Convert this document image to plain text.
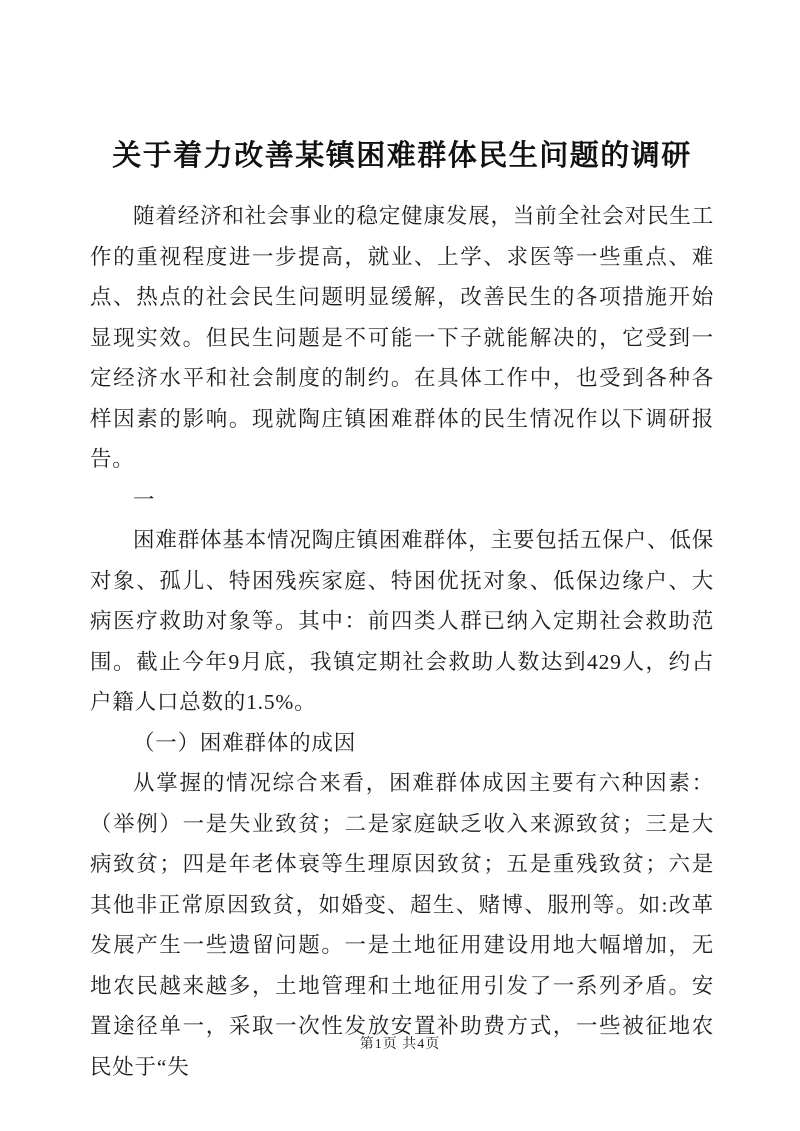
关于着力改善某镇困难群体民生问题的调研

随着经济和社会事业的稳定健康发展，当前全社会对民生工作的重视程度进一步提高，就业、上学、求医等一些重点、难点、热点的社会民生问题明显缓解，改善民生的各项措施开始显现实效。但民生问题是不可能一下子就能解决的，它受到一定经济水平和社会制度的制约。在具体工作中，也受到各种各样因素的影响。现就陶庄镇困难群体的民生情况作以下调研报告。

一

困难群体基本情况陶庄镇困难群体，主要包括五保户、低保对象、孤儿、特困残疾家庭、特困优抚对象、低保边缘户、大病医疗救助对象等。其中：前四类人群已纳入定期社会救助范围。截止今年9月底，我镇定期社会救助人数达到429人，约占户籍人口总数的1.5%。

（一）困难群体的成因

从掌握的情况综合来看，困难群体成因主要有六种因素：（举例）一是失业致贫；二是家庭缺乏收入来源致贫；三是大病致贫；四是年老体衰等生理原因致贫；五是重残致贫；六是其他非正常原因致贫，如婚变、超生、赌博、服刑等。如:改革发展产生一些遗留问题。一是土地征用建设用地大幅增加，无地农民越来越多，土地管理和土地征用引发了一系列矛盾。安置途径单一，采取一次性发放安置补助费方式，一些被征地农民处于“失

第1页 共4页
